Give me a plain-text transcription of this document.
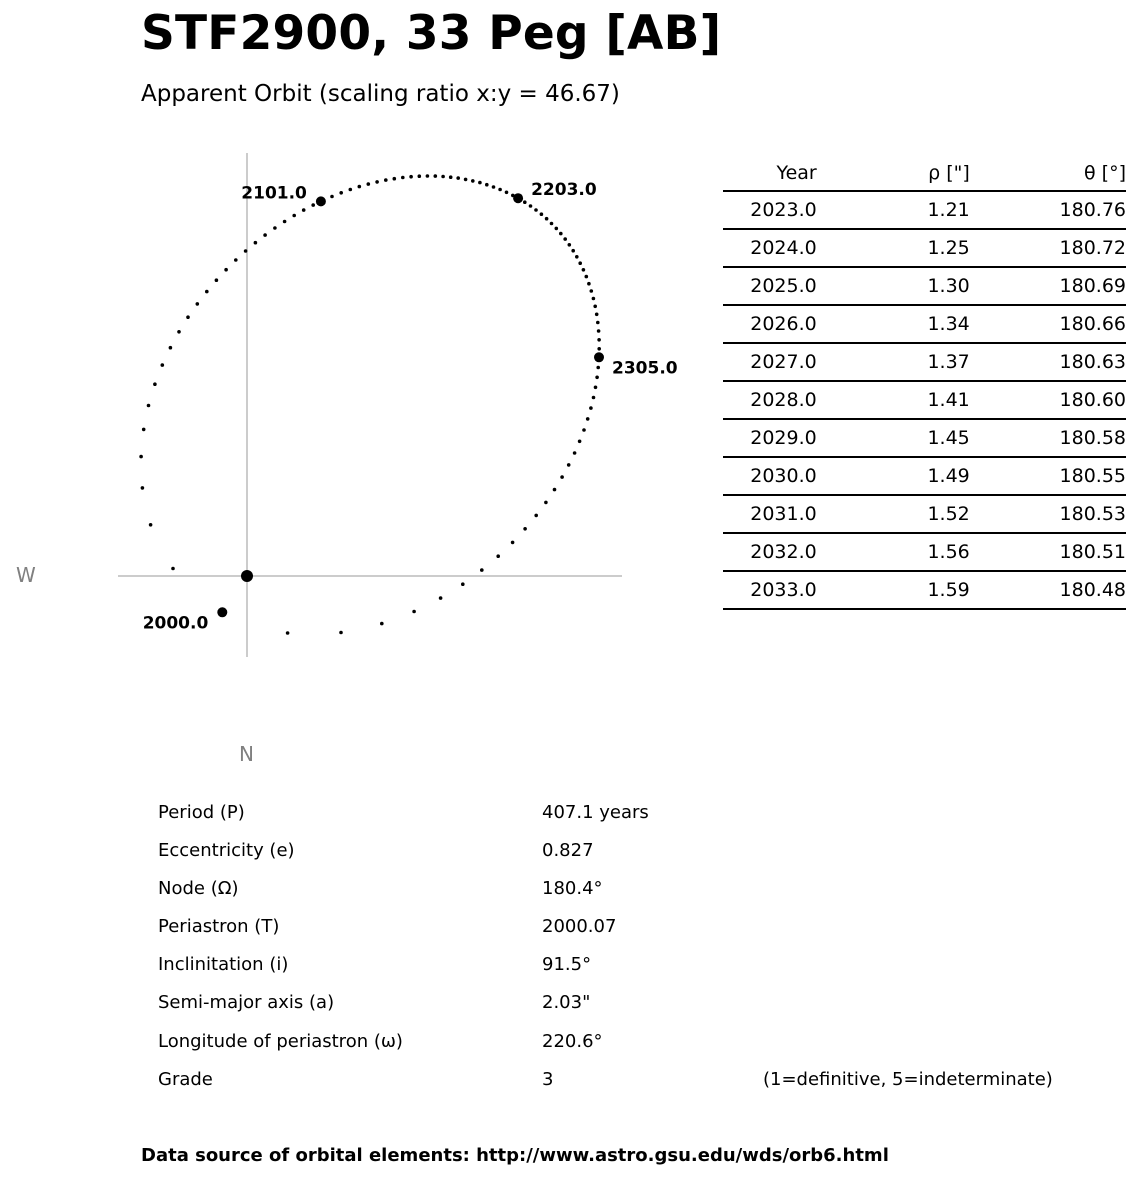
STF2900, 33 Peg [AB]
Apparent Orbit (scaling ratio x:y = 46.67)
2000.0
2101.0	2203.0
2305.0
W
N
Year	ρ ["]	θ [°]
2023.0	1.21	180.76
2024.0	1.25	180.72
2025.0	1.30	180.69
2026.0	1.34	180.66
2027.0	1.37	180.63
2028.0	1.41	180.60
2029.0	1.45	180.58
2030.0	1.49	180.55
2031.0	1.52	180.53
2032.0	1.56	180.51
2033.0	1.59	180.48
Period (P)	407.1 years
Eccentricity (e)	0.827
Node (Ω)	180.4°
Periastron (T)	2000.07
Inclinitation (i)	91.5°
Semi-major axis (a)	2.03"
Longitude of periastron (ω)	220.6°
Grade	3	(1=definitive, 5=indeterminate)
Data source of orbital elements: http://www.astro.gsu.edu/wds/orb6.html
